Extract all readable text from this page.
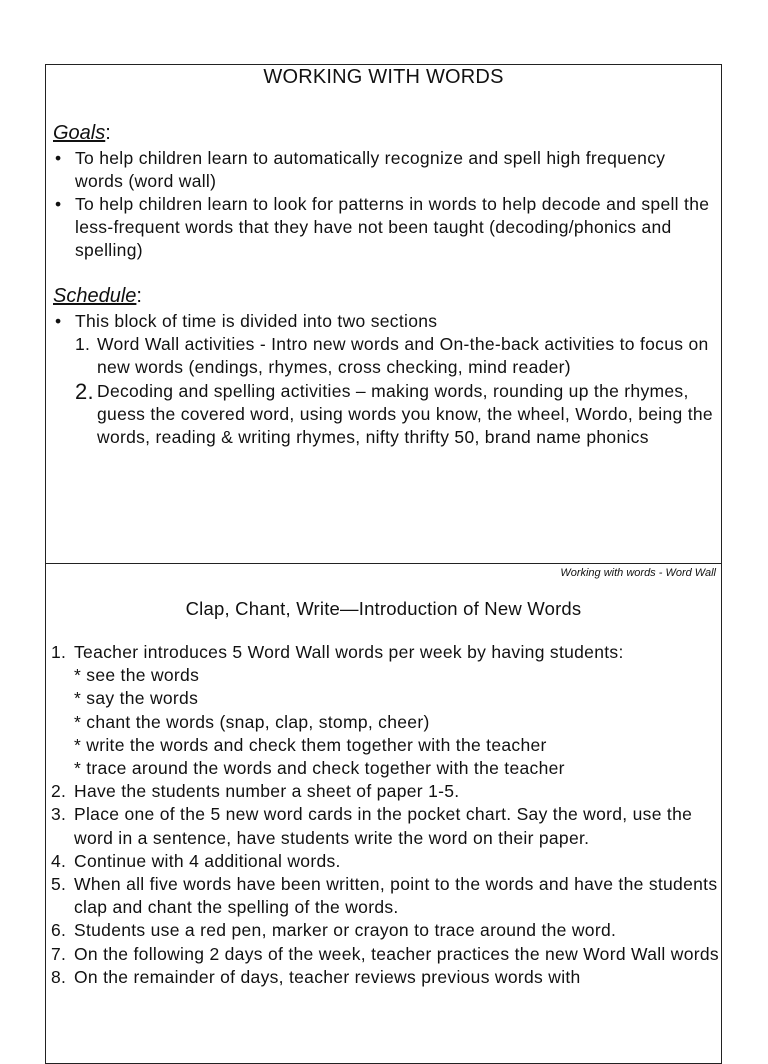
WORKING WITH WORDS
Goals:
• To help children learn to automatically recognize and spell high frequency words (word wall)
• To help children learn to look for patterns in words to help decode and spell the less-frequent words that they have not been taught (decoding/phonics and spelling)
Schedule:
• This block of time is divided into two sections
1. Word Wall activities - Intro new words and On-the-back activities to focus on new words (endings, rhymes, cross checking, mind reader)
2. Decoding and spelling activities – making words, rounding up the rhymes, guess the covered word, using words you know, the wheel, Wordo, being the words, reading & writing rhymes, nifty thrifty 50, brand name phonics
Working with words - Word Wall
Clap, Chant, Write—Introduction of New Words
1. Teacher introduces 5 Word Wall words per week by having students:
* see the words
* say the words
* chant the words (snap, clap, stomp, cheer)
* write the words and check them together with the teacher
* trace around the words and check together with the teacher
2. Have the students number a sheet of paper 1-5.
3. Place one of the 5 new word cards in the pocket chart. Say the word, use the word in a sentence, have students write the word on their paper.
4. Continue with 4 additional words.
5. When all five words have been written, point to the words and have the students clap and chant the spelling of the words.
6. Students use a red pen, marker or crayon to trace around the word.
7. On the following 2 days of the week, teacher practices the new Word Wall words
8. On the remainder of days, teacher reviews previous words with
